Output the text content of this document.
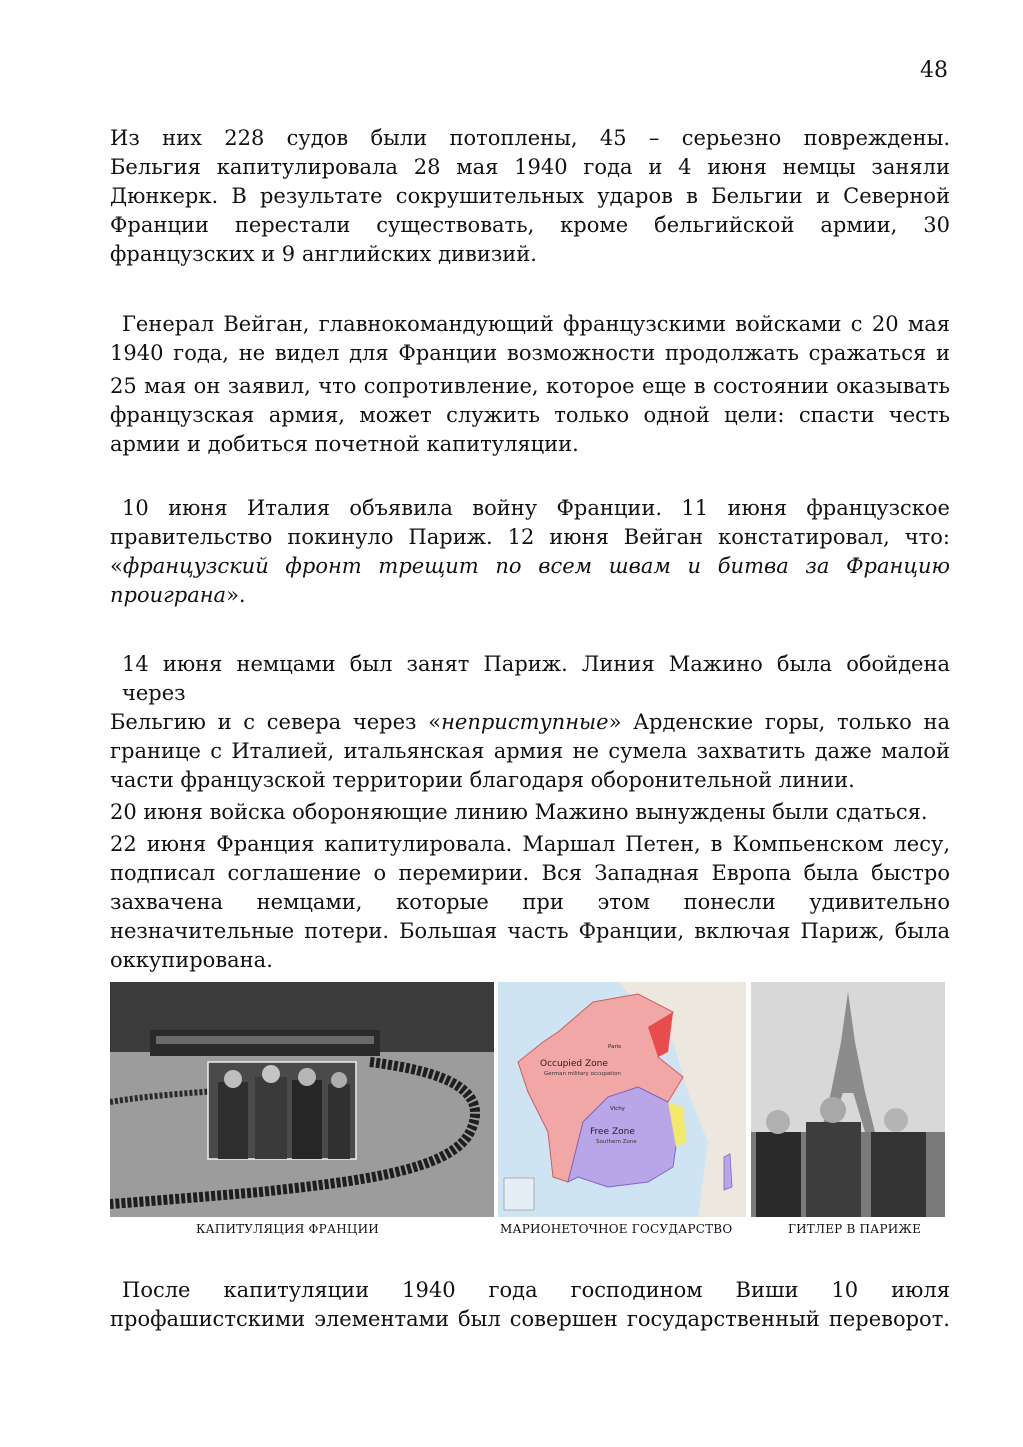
48

Из них 228 судов были потоплены, 45 – серьезно повреждены.
Бельгия капитулировала 28 мая 1940 года и 4 июня немцы заняли
Дюнкерк. В результате сокрушительных ударов в Бельгии и Северной
Франции перестали существовать, кроме бельгийской армии, 30
французских и 9 английских дивизий.

Генерал Вейган, главнокомандующий французскими войсками с 20 мая
1940 года, не видел для Франции возможности продолжать сражаться и
25 мая он заявил, что сопротивление, которое еще в состоянии оказывать
французская армия, может служить только одной цели: спасти честь
армии и добиться почетной капитуляции.

10 июня Италия объявила войну Франции. 11 июня французское
правительство покинуло Париж. 12 июня Вейган констатировал, что:
«французский фронт трещит по всем швам и битва за Францию
проиграна».

14 июня немцами был занят Париж. Линия Мажино была обойдена через
Бельгию и с севера через «неприступные» Арденские горы, только на
границе с Италией, итальянская армия не сумела захватить даже малой
части французской территории благодаря оборонительной линии.
20 июня войска обороняющие линию Мажино вынуждены были сдаться.
22 июня Франция капитулировала. Маршал Петен, в Компьенском лесу,
подписал соглашение о перемирии. Вся Западная Европа была быстро
захвачена немцами, которые при этом понесли удивительно
незначительные потери. Большая часть Франции, включая Париж, была
оккупирована.

Occupied Zone
German military occupation
Free Zone
Southern Zone
Vichy
Paris
КАПИТУЛЯЦИЯ ФРАНЦИИ	МАРИОНЕТОЧНОЕ ГОСУДАРСТВО	ГИТЛЕР В ПАРИЖЕ

После капитуляции 1940 года господином Виши 10 июля
профашистскими элементами был совершен государственный переворот.
